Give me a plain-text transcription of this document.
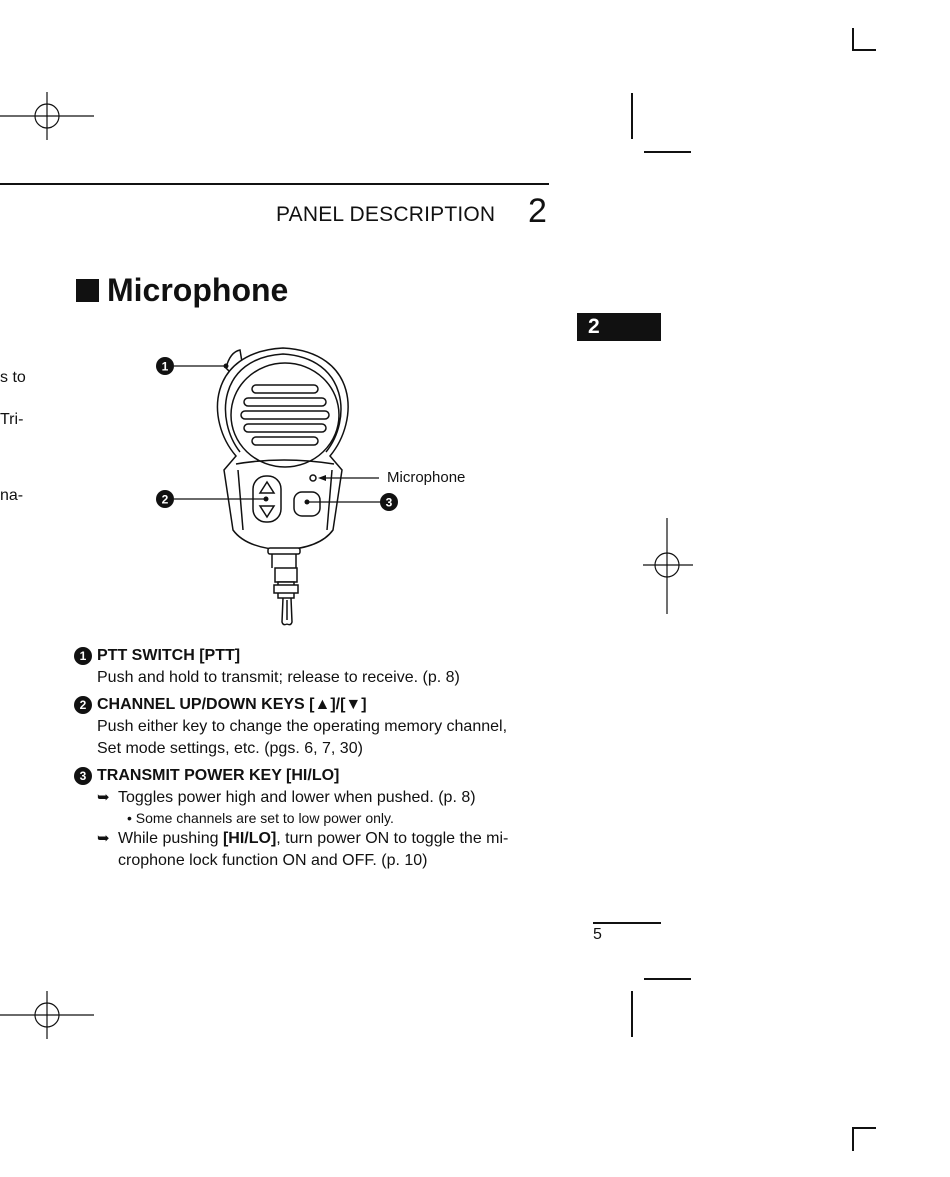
PANEL DESCRIPTION 2
Microphone
2
s to
Tri-
na-
1
2	3
Microphone
1 PTT SWITCH [PTT]
Push and hold to transmit; release to receive. (p. 8)
2 CHANNEL UP/DOWN KEYS [▲]/[▼]
Push either key to change the operating memory channel,
Set mode settings, etc. (pgs. 6, 7, 30)
3 TRANSMIT POWER KEY [HI/LO]
➥ Toggles power high and lower when pushed. (p. 8)
• Some channels are set to low power only.
➥ While pushing [HI/LO], turn power ON to toggle the mi-
crophone lock function ON and OFF. (p. 10)
5
